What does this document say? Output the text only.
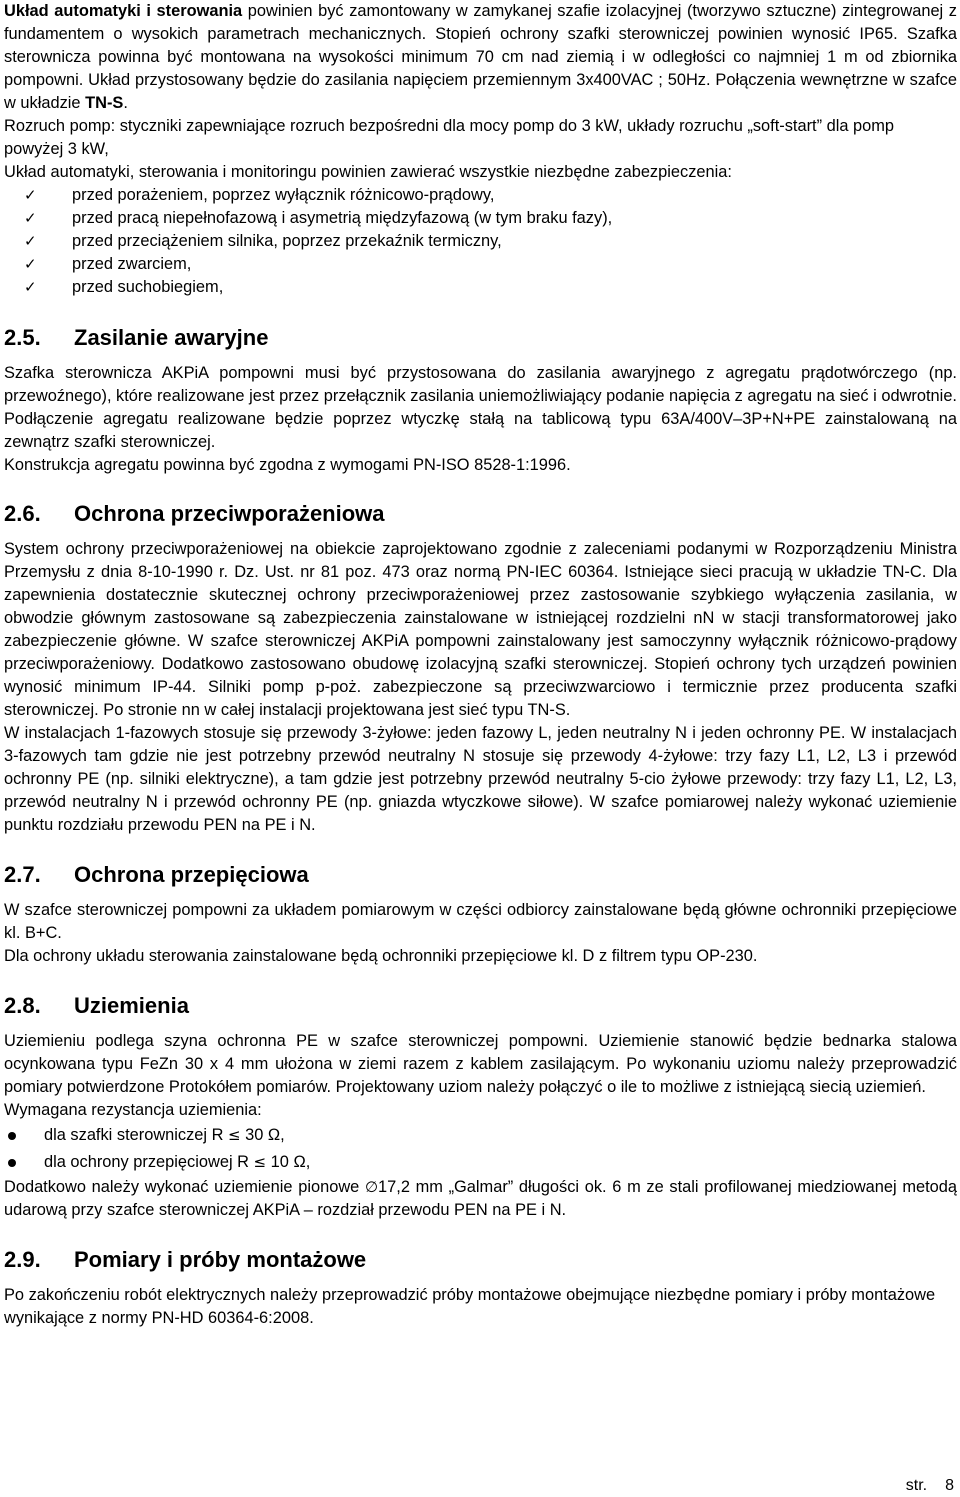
Układ automatyki i sterowania powinien być zamontowany w zamykanej szafie izolacyjnej (tworzywo sztuczne) zintegrowanej z fundamentem o wysokich parametrach mechanicznych. Stopień ochrony szafki sterowniczej powinien wynosić IP65. Szafka sterownicza powinna być montowana na wysokości minimum 70 cm nad ziemią i w odległości co najmniej 1 m od zbiornika pompowni. Układ przystosowany będzie do zasilania napięciem przemiennym 3x400VAC ; 50Hz. Połączenia wewnętrzne w szafce w układzie TN-S.

Rozruch pomp: styczniki zapewniające rozruch bezpośredni dla mocy pomp do 3 kW, układy rozruchu „soft-start” dla pomp powyżej 3 kW,

Układ automatyki, sterowania i monitoringu powinien zawierać wszystkie niezbędne zabezpieczenia:

✓ przed porażeniem, poprzez wyłącznik różnicowo-prądowy,
✓ przed pracą niepełnofazową i asymetrią międzyfazową (w tym braku fazy),
✓ przed przeciążeniem silnika, poprzez przekaźnik termiczny,
✓ przed zwarciem,
✓ przed suchobiegiem,
2.5. Zasilanie awaryjne

Szafka sterownicza AKPiA pompowni musi być przystosowana do zasilania awaryjnego z agregatu prądotwórczego (np. przewoźnego), które realizowane jest przez przełącznik zasilania uniemożliwiający podanie napięcia z agregatu na sieć i odwrotnie. Podłączenie agregatu realizowane będzie poprzez wtyczkę stałą na tablicową typu 63A/400V–3P+N+PE zainstalowaną na zewnątrz szafki sterowniczej.

Konstrukcja agregatu powinna być zgodna z wymogami PN-ISO 8528-1:1996.

2.6. Ochrona przeciwporażeniowa

System ochrony przeciwporażeniowej na obiekcie zaprojektowano zgodnie z zaleceniami podanymi w Rozporządzeniu Ministra Przemysłu z dnia 8-10-1990 r. Dz. Ust. nr 81 poz. 473 oraz normą PN-IEC 60364. Istniejące sieci pracują w układzie TN-C. Dla zapewnienia dostatecznie skutecznej ochrony przeciwporażeniowej przez zastosowanie szybkiego wyłączenia zasilania, w obwodzie głównym zastosowane są zabezpieczenia zainstalowane w istniejącej rozdzielni nN w stacji transformatorowej jako zabezpieczenie główne. W szafce sterowniczej AKPiA pompowni zainstalowany jest samoczynny wyłącznik różnicowo-prądowy przeciwporażeniowy. Dodatkowo zastosowano obudowę izolacyjną szafki sterowniczej. Stopień ochrony tych urządzeń powinien wynosić minimum IP-44. Silniki pomp p-poż. zabezpieczone są przeciwzwarciowo i termicznie przez producenta szafki sterowniczej. Po stronie nn w całej instalacji projektowana jest sieć typu TN-S.

W instalacjach 1-fazowych stosuje się przewody 3-żyłowe: jeden fazowy L, jeden neutralny N i jeden ochronny PE. W instalacjach 3-fazowych tam gdzie nie jest potrzebny przewód neutralny N stosuje się przewody 4-żyłowe: trzy fazy L1, L2, L3 i przewód ochronny PE (np. silniki elektryczne), a tam gdzie jest potrzebny przewód neutralny 5-cio żyłowe przewody: trzy fazy L1, L2, L3, przewód neutralny N i przewód ochronny PE (np. gniazda wtyczkowe siłowe). W szafce pomiarowej należy wykonać uziemienie punktu rozdziału przewodu PEN na PE i N.

2.7. Ochrona przepięciowa

W szafce sterowniczej pompowni za układem pomiarowym w części odbiorcy zainstalowane będą główne ochronniki przepięciowe kl. B+C.

Dla ochrony układu sterowania zainstalowane będą ochronniki przepięciowe kl. D z filtrem typu OP-230.

2.8. Uziemienia

Uziemieniu podlega szyna ochronna PE w szafce sterowniczej pompowni. Uziemienie stanowić będzie bednarka stalowa ocynkowana typu FeZn 30 x 4 mm ułożona w ziemi razem z kablem zasilającym. Po wykonaniu uziomu należy przeprowadzić pomiary potwierdzone Protokółem pomiarów. Projektowany uziom należy połączyć o ile to możliwe z istniejącą siecią uziemień.

Wymagana rezystancja uziemienia:

dla szafki sterowniczej R ≤ 30 Ω,
dla ochrony przepięciowej R ≤ 10 Ω,

Dodatkowo należy wykonać uziemienie pionowe ∅17,2 mm „Galmar” długości ok. 6 m ze stali profilowanej miedziowanej metodą udarową przy szafce sterowniczej AKPiA – rozdział przewodu PEN na PE i N.

2.9. Pomiary i próby montażowe

Po zakończeniu robót elektrycznych należy przeprowadzić próby montażowe obejmujące niezbędne pomiary i próby montażowe wynikające z normy PN-HD 60364-6:2008.

str. 8
